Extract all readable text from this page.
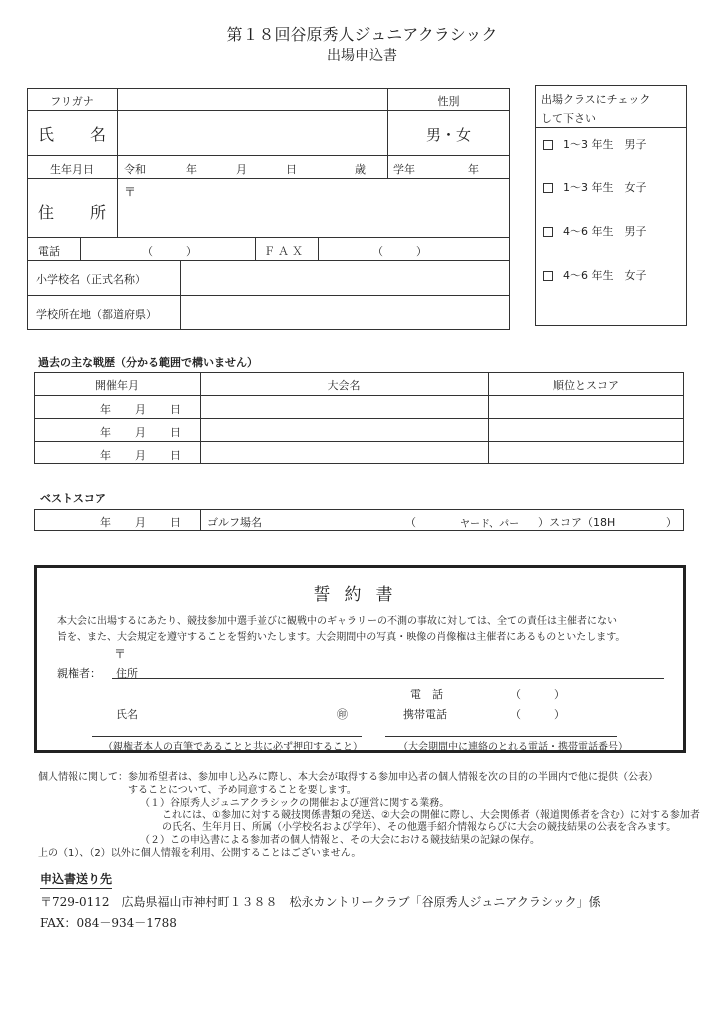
第１８回谷原秀人ジュニアクラシック
出場申込書
フリガナ	性別
氏　名	男・女
生年月日	令和	年	月	日	歳 学年	年
住　所
〒
電話	（　　　）	ＦＡＸ	（　　　）
小学校名（正式名称）
学校所在地（都道府県）
出場クラスにチェック
して下さい
1〜3 年生　男子
1〜3 年生　女子
4〜6 年生　男子
4〜6 年生　女子
過去の主な戦歴（分かる範囲で構いません）
開催年月	大会名	順位とスコア
年 月 日
年 月 日
年 月 日
ベストスコア
年 月 日 ゴルフ場名	（	ヤード、パー ）スコア（18H	）
誓約書
本大会に出場するにあたり、競技参加中選手並びに観戦中のギャラリーの不測の事故に対しては、全ての責任は主催者にない
旨を、また、大会規定を遵守することを誓約いたします。大会期間中の写真・映像の肖像権は主催者にあるものといたします。
〒
親権者： 住所
電　話	（　　　）
氏名	㊞	携帯電話	（　　　）
（親権者本人の直筆であることと共に必ず押印すること）	（大会期間中に連絡のとれる電話・携帯電話番号）
個人情報に関して：参加希望者は、参加申し込みに際し、本大会が取得する参加申込者の個人情報を次の目的の半囲内で他に提供（公表）
することについて、予め同意することを要します。
（１）谷原秀人ジュニアクラシックの開催および運営に関する業務。
これには、①参加に対する競技関係書類の発送、②大会の開催に際し、大会関係者（報道関係者を含む）に対する参加者
の氏名、生年月日、所属（小学校名および学年）、その他選手紹介情報ならびに大会の競技結果の公表を含みます。
（２）この申込書による参加者の個人情報と、その大会における競技結果の記録の保存。
上の（1）、（2）以外に個人情報を利用、公開することはございません。
申込書送り先
〒729-0112　広島県福山市神村町１３８８　松永カントリークラブ「谷原秀人ジュニアクラシック」係
FAX：084－934－1788
